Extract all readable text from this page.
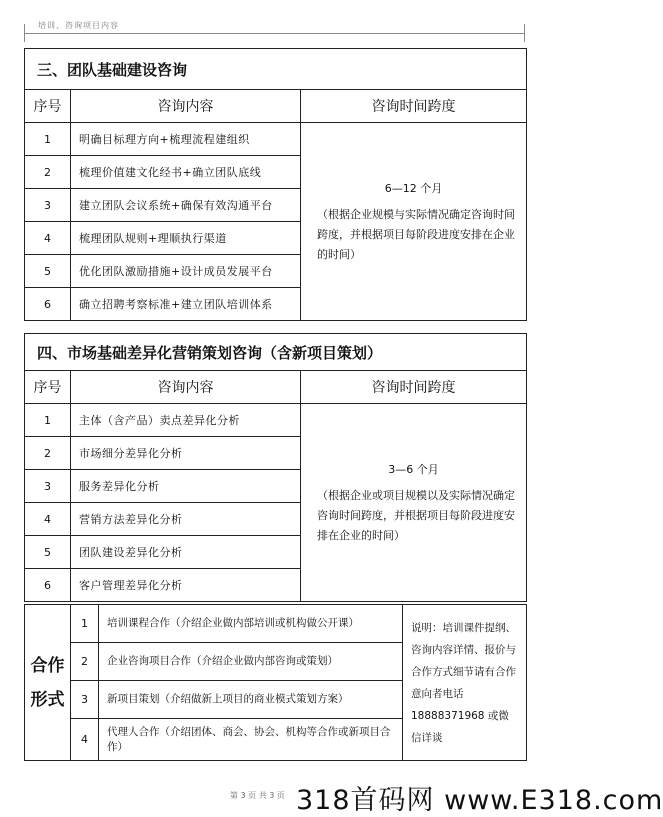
培训、咨询项目内容
三、团队基础建设咨询		
序号	咨询内容	咨询时间跨度
1	明确目标理方向+梳理流程建组织	6—12 个月
（根据企业规模与实际情况确定咨询时间跨度，并根据项目每阶段进度安排在企业的时间）

2	梳理价值建文化经书+确立团队底线	
3	建立团队会议系统+确保有效沟通平台	
4	梳理团队规则+理顺执行渠道	
5	优化团队激励措施+设计成员发展平台	
6	确立招聘考察标准+建立团队培训体系	
四、市场基础差异化营销策划咨询（含新项目策划）		
序号	咨询内容	咨询时间跨度
1	主体（含产品）卖点差异化分析	3—6 个月
（根据企业或项目规模以及实际情况确定咨询时间跨度，并根据项目每阶段进度安排在企业的时间）

2	市场细分差异化分析	
3	服务差异化分析	
4	营销方法差异化分析	
5	团队建设差异化分析	
6	客户管理差异化分析	
合作
形式	1	培训课程合作（介绍企业做内部培训或机构做公开课）	说明：培训课件提纲、咨询内容详情、报价与合作方式细节请有合作意向者电话 18888371968 或微信详谈
	2	企业咨询项目合作（介绍企业做内部咨询或策划）	
	3	新项目策划（介绍做新上项目的商业模式策划方案）	
	4	代理人合作（介绍团体、商会、协会、机构等合作或新项目合作）	
第 3 页 共 3 页 318首码网 www.E318.com
